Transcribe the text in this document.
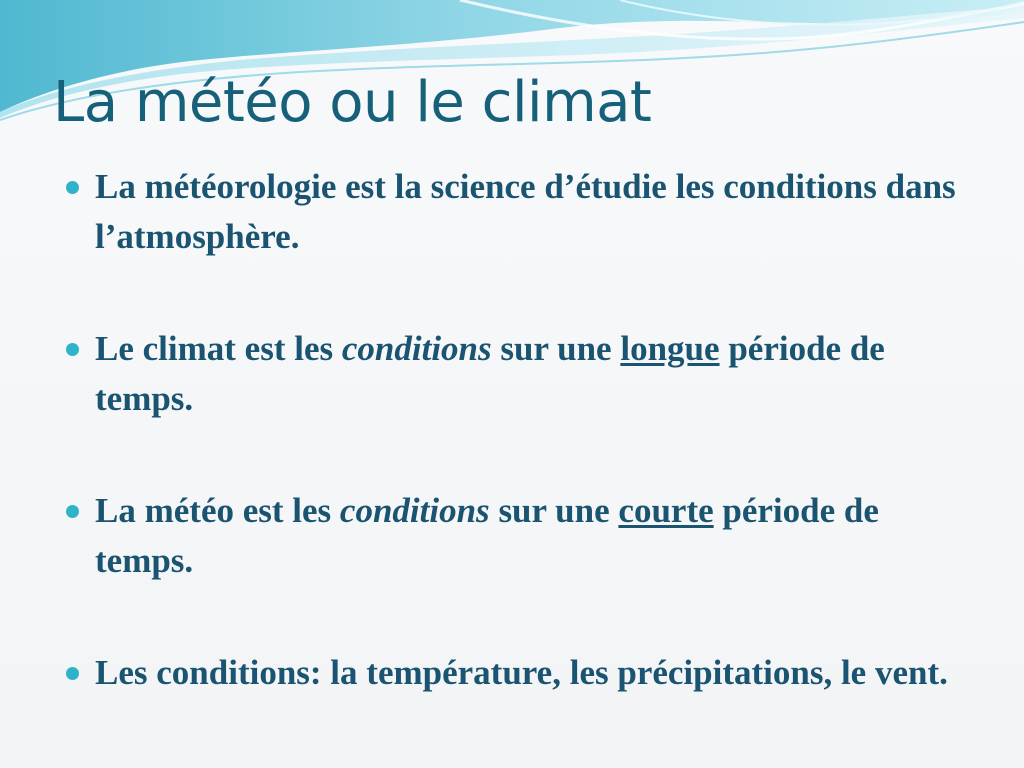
La météo ou le climat
La météorologie est la science d’étudie les conditions dans l’atmosphère.
Le climat est les conditions sur une longue période de temps.
La météo est les conditions sur une courte période de temps.
Les conditions: la température, les précipitations, le vent.
